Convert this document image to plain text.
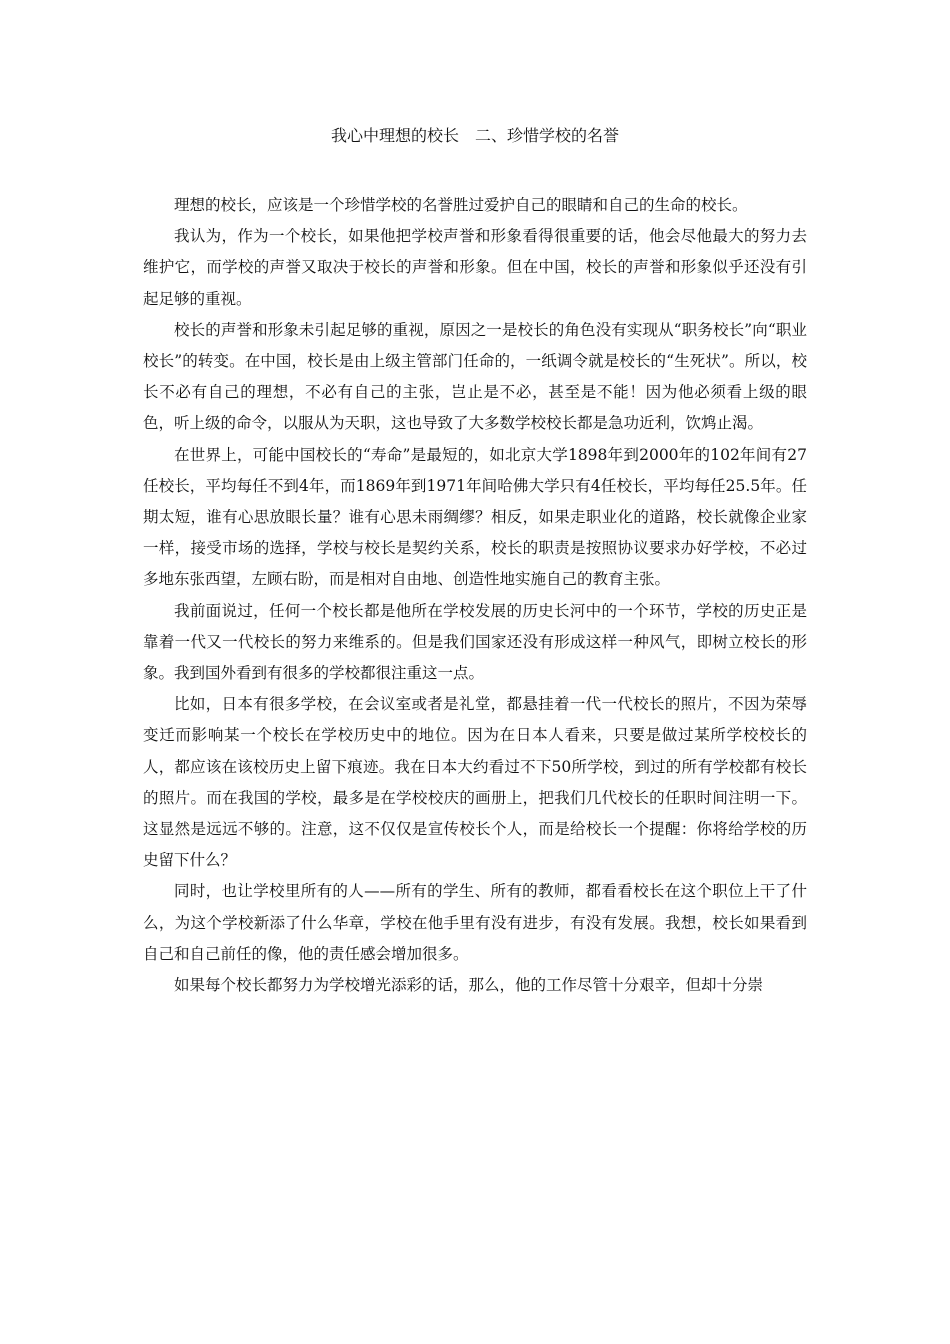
我心中理想的校长　二、珍惜学校的名誉

理想的校长，应该是一个珍惜学校的名誉胜过爱护自己的眼睛和自己的生命的校长。

我认为，作为一个校长，如果他把学校声誉和形象看得很重要的话，他会尽他最大的努力去维护它，而学校的声誉又取决于校长的声誉和形象。但在中国，校长的声誉和形象似乎还没有引起足够的重视。

校长的声誉和形象未引起足够的重视，原因之一是校长的角色没有实现从“职务校长”向“职业校长”的转变。在中国，校长是由上级主管部门任命的，一纸调令就是校长的“生死状”。所以，校长不必有自己的理想，不必有自己的主张，岂止是不必，甚至是不能！因为他必须看上级的眼色，听上级的命令，以服从为天职，这也导致了大多数学校校长都是急功近利，饮鸩止渴。

在世界上，可能中国校长的“寿命”是最短的，如北京大学1898年到2000年的102年间有27任校长，平均每任不到4年，而1869年到1971年间哈佛大学只有4任校长，平均每任25.5年。任期太短，谁有心思放眼长量？谁有心思未雨绸缪？相反，如果走职业化的道路，校长就像企业家一样，接受市场的选择，学校与校长是契约关系，校长的职责是按照协议要求办好学校，不必过多地东张西望，左顾右盼，而是相对自由地、创造性地实施自己的教育主张。

我前面说过，任何一个校长都是他所在学校发展的历史长河中的一个环节，学校的历史正是靠着一代又一代校长的努力来维系的。但是我们国家还没有形成这样一种风气，即树立校长的形象。我到国外看到有很多的学校都很注重这一点。

比如，日本有很多学校，在会议室或者是礼堂，都悬挂着一代一代校长的照片，不因为荣辱变迁而影响某一个校长在学校历史中的地位。因为在日本人看来，只要是做过某所学校校长的人，都应该在该校历史上留下痕迹。我在日本大约看过不下50所学校，到过的所有学校都有校长的照片。而在我国的学校，最多是在学校校庆的画册上，把我们几代校长的任职时间注明一下。这显然是远远不够的。注意，这不仅仅是宣传校长个人，而是给校长一个提醒：你将给学校的历史留下什么？

同时，也让学校里所有的人——所有的学生、所有的教师，都看看校长在这个职位上干了什么，为这个学校新添了什么华章，学校在他手里有没有进步，有没有发展。我想，校长如果看到自己和自己前任的像，他的责任感会增加很多。

如果每个校长都努力为学校增光添彩的话，那么，他的工作尽管十分艰辛，但却十分崇
